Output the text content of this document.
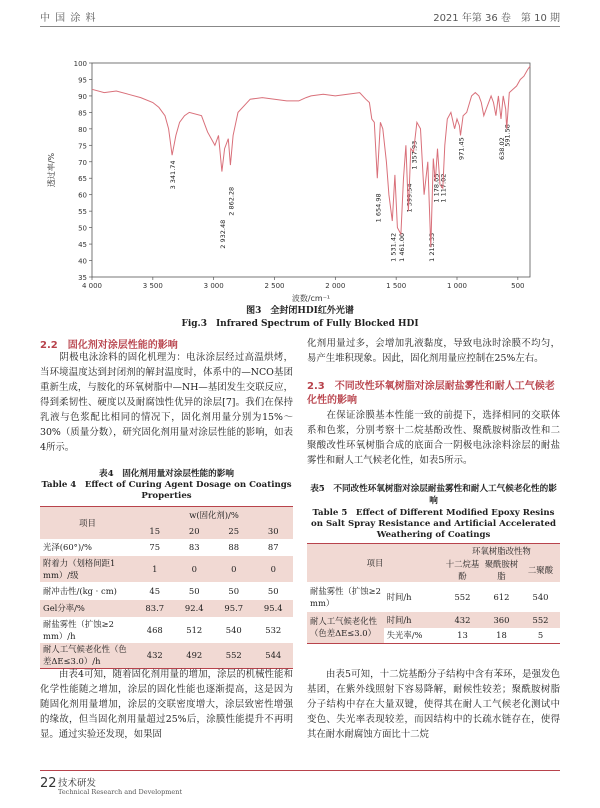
中 国 涂 料	2021 年第 36 卷　第 10 期
35
40
45
50
55
60
65
70
75
80
85
90
95
100
4 000	3 500	3 000	2 500	2 000	1 500	1 000	500
波数/cm⁻¹
透过率/%	3 341.74
2 932.48
2 862.28	1 654.98
1 531.42 1 461.00
1 399.54
1 357.93
1 215.35
1 178.05 1 117.02
971.45	638.02
591.58
图3　全封闭HDI红外光谱
Fig.3　Infrared Spectrum of Fully Blocked HDI
2.2　固化剂对涂层性能的影响
　　阴极电泳涂料的固化机理为：电泳涂层经过高温烘烤，当环境温度达到封闭剂的解封温度时，体系中的—NCO基团重新生成，与胺化的环氧树脂中—NH—基团发生交联反应，得到柔韧性、硬度以及耐腐蚀性优异的涂层[7]。我们在保持乳液与色浆配比相同的情况下，固化剂用量分别为15%～30%（质量分数），研究固化剂用量对涂层性能的影响，如表4所示。
表4　固化剂用量对涂层性能的影响
Table 4　Effect of Curing Agent Dosage on Coatings Properties
项目	w(固化剂)/%			
	15	20	25	30
光泽(60°)/%	75	83	88	87
附着力（划格间距1 mm）/级	1	0	0	0
耐冲击性/(kg · cm)	45	50	50	50
Gel分率/%	83.7	92.4	95.7	95.4
耐盐雾性（扩蚀≥2 mm）/h	468	512	540	532
耐人工气候老化性（色差ΔE≤3.0）/h	432	492	552	544
　　由表4可知，随着固化剂用量的增加，涂层的机械性能和化学性能随之增加，涂层的固化性能也逐渐提高，这是因为随固化剂用量增加，涂层的交联密度增大，涂层致密性增强的缘故，但当固化剂用量超过25%后，涂膜性能提升不再明显。通过实验还发现，如果固
化剂用量过多，会增加乳液黏度，导致电泳时涂膜不均匀，易产生堆积现象。因此，固化剂用量应控制在25%左右。
2.3　不同改性环氧树脂对涂层耐盐雾性和耐人工气候老化性的影响
　　在保证涂膜基本性能一致的前提下，选择相同的交联体系和色浆，分别考察十二烷基酚改性、聚酰胺树脂改性和二聚酸改性环氧树脂合成的底面合一阴极电泳涂料涂层的耐盐雾性和耐人工气候老化性，如表5所示。
表5　不同改性环氧树脂对涂层耐盐雾性和耐人工气候老化性的影响
Table 5　Effect of Different Modified Epoxy Resins on Salt Spray Resistance and Artificial Accelerated Weathering of Coatings
项目		环氧树脂改性物		
		十二烷基酚	聚酰胺树脂	二聚酸
耐盐雾性（扩蚀≥2 mm）	时间/h	552	612	540
耐人工气候老化性（色差ΔE≤3.0）	时间/h	432	360	552
	失光率/%	13	18	5
　　由表5可知，十二烷基酚分子结构中含有苯环，是强发色基团，在紫外线照射下容易降解，耐候性较差；聚酰胺树脂分子结构中存在大量双键，使得其在耐人工气候老化测试中变色、失光率表现较差，而因结构中的长疏水链存在，使得其在耐水耐腐蚀方面比十二烷
22 技术研发
Technical Research and Development
